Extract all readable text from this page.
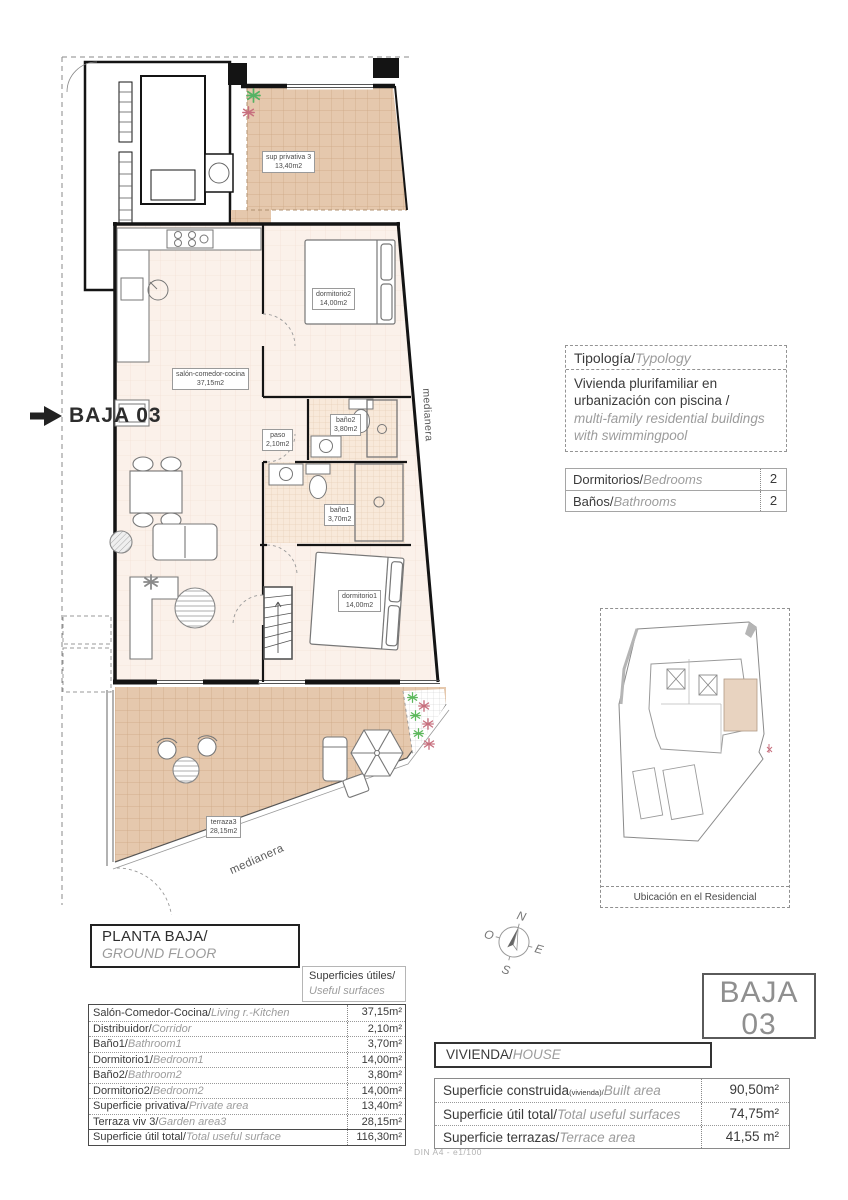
sup privativa 3
13,40m2
dormitorio2
14,00m2
salón-comedor-cocina
37,15m2
paso
2,10m2
baño2
3,80m2
baño1
3,70m2
dormitorio1
14,00m2
terraza3
28,15m2
medianera
medianera
BAJA 03
Tipología/Typology
Vivienda plurifamiliar en urbanización con piscina /
multi-family residential buildings with swimmingpool
Dormitorios/Bedrooms	2
Baños/Bathrooms	2
Ubicación en el Residencial
N
E
S
O
PLANTA BAJA/
GROUND FLOOR
Superficies útiles/
Useful surfaces
Salón-Comedor-Cocina/Living r.-Kitchen	37,15m²
Distribuidor/Corridor	2,10m²
Baño1/Bathroom1	3,70m²
Dormitorio1/Bedroom1	14,00m²
Baño2/Bathroom2	3,80m²
Dormitorio2/Bedroom2	14,00m²
Superficie privativa/Private area	13,40m²
Terraza viv 3/Garden area3	28,15m²
Superficie útil total/Total useful surface	116,30m²
BAJA
03
VIVIENDA/HOUSE
Superficie construida(vivienda)/Built area	90,50m²
Superficie útil total/Total useful surfaces	74,75m²
Superficie terrazas/Terrace area	41,55 m²
DIN A4 - e1/100
